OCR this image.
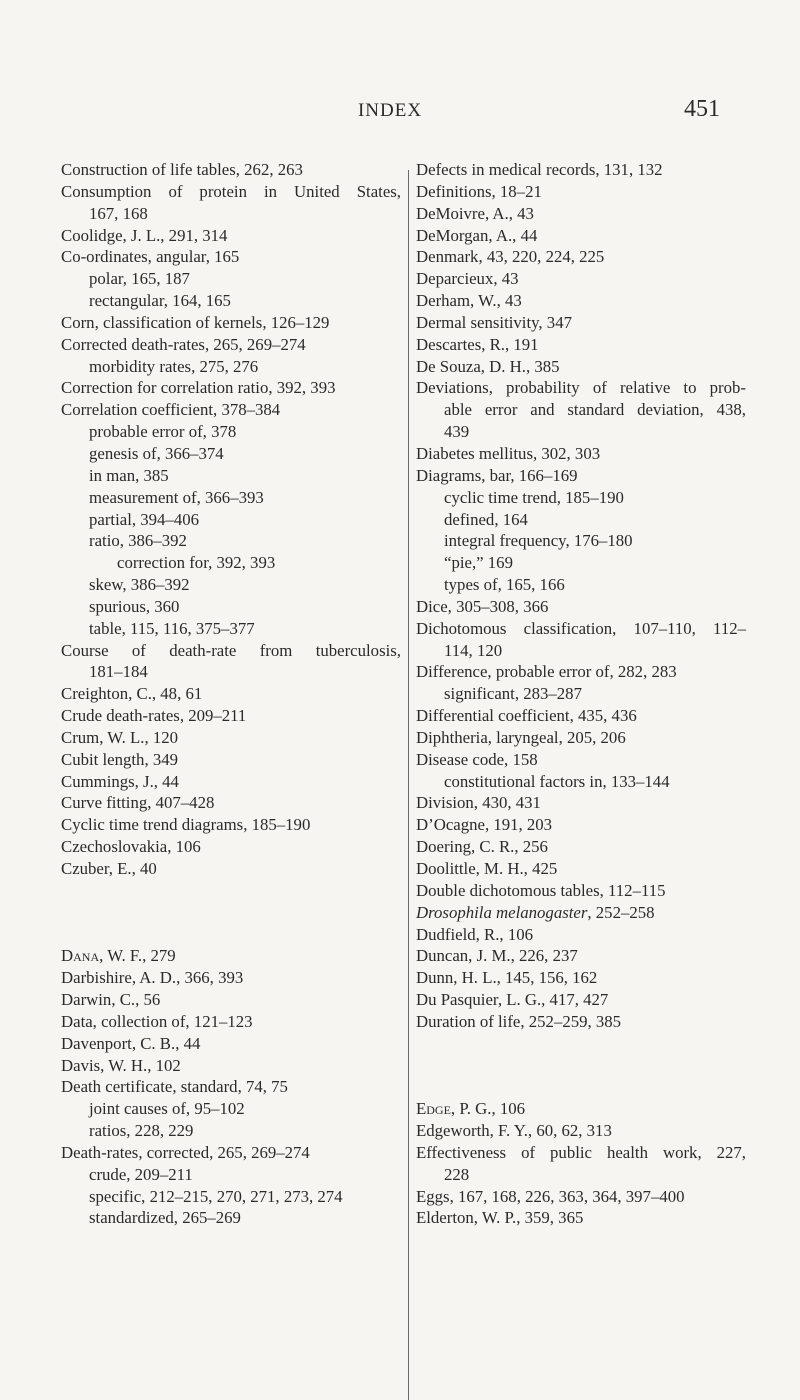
INDEX	451
Construction of life tables, 262, 263
Consumption of protein in United States,
167, 168
Coolidge, J. L., 291, 314
Co-ordinates, angular, 165
polar, 165, 187
rectangular, 164, 165
Corn, classification of kernels, 126–129
Corrected death-rates, 265, 269–274
morbidity rates, 275, 276
Correction for correlation ratio, 392, 393
Correlation coefficient, 378–384
probable error of, 378
genesis of, 366–374
in man, 385
measurement of, 366–393
partial, 394–406
ratio, 386–392
correction for, 392, 393
skew, 386–392
spurious, 360
table, 115, 116, 375–377
Course of death-rate from tuberculosis,
181–184
Creighton, C., 48, 61
Crude death-rates, 209–211
Crum, W. L., 120
Cubit length, 349
Cummings, J., 44
Curve fitting, 407–428
Cyclic time trend diagrams, 185–190
Czechoslovakia, 106
Czuber, E., 40
Dana, W. F., 279
Darbishire, A. D., 366, 393
Darwin, C., 56
Data, collection of, 121–123
Davenport, C. B., 44
Davis, W. H., 102
Death certificate, standard, 74, 75
joint causes of, 95–102
ratios, 228, 229
Death-rates, corrected, 265, 269–274
crude, 209–211
specific, 212–215, 270, 271, 273, 274
standardized, 265–269
Defects in medical records, 131, 132
Definitions, 18–21
DeMoivre, A., 43
DeMorgan, A., 44
Denmark, 43, 220, 224, 225
Deparcieux, 43
Derham, W., 43
Dermal sensitivity, 347
Descartes, R., 191
De Souza, D. H., 385
Deviations, probability of relative to prob-
able error and standard deviation, 438,
439
Diabetes mellitus, 302, 303
Diagrams, bar, 166–169
cyclic time trend, 185–190
defined, 164
integral frequency, 176–180
“pie,” 169
types of, 165, 166
Dice, 305–308, 366
Dichotomous classification, 107–110, 112–
114, 120
Difference, probable error of, 282, 283
significant, 283–287
Differential coefficient, 435, 436
Diphtheria, laryngeal, 205, 206
Disease code, 158
constitutional factors in, 133–144
Division, 430, 431
D’Ocagne, 191, 203
Doering, C. R., 256
Doolittle, M. H., 425
Double dichotomous tables, 112–115
Drosophila melanogaster, 252–258
Dudfield, R., 106
Duncan, J. M., 226, 237
Dunn, H. L., 145, 156, 162
Du Pasquier, L. G., 417, 427
Duration of life, 252–259, 385
Edge, P. G., 106
Edgeworth, F. Y., 60, 62, 313
Effectiveness of public health work, 227,
228
Eggs, 167, 168, 226, 363, 364, 397–400
Elderton, W. P., 359, 365
